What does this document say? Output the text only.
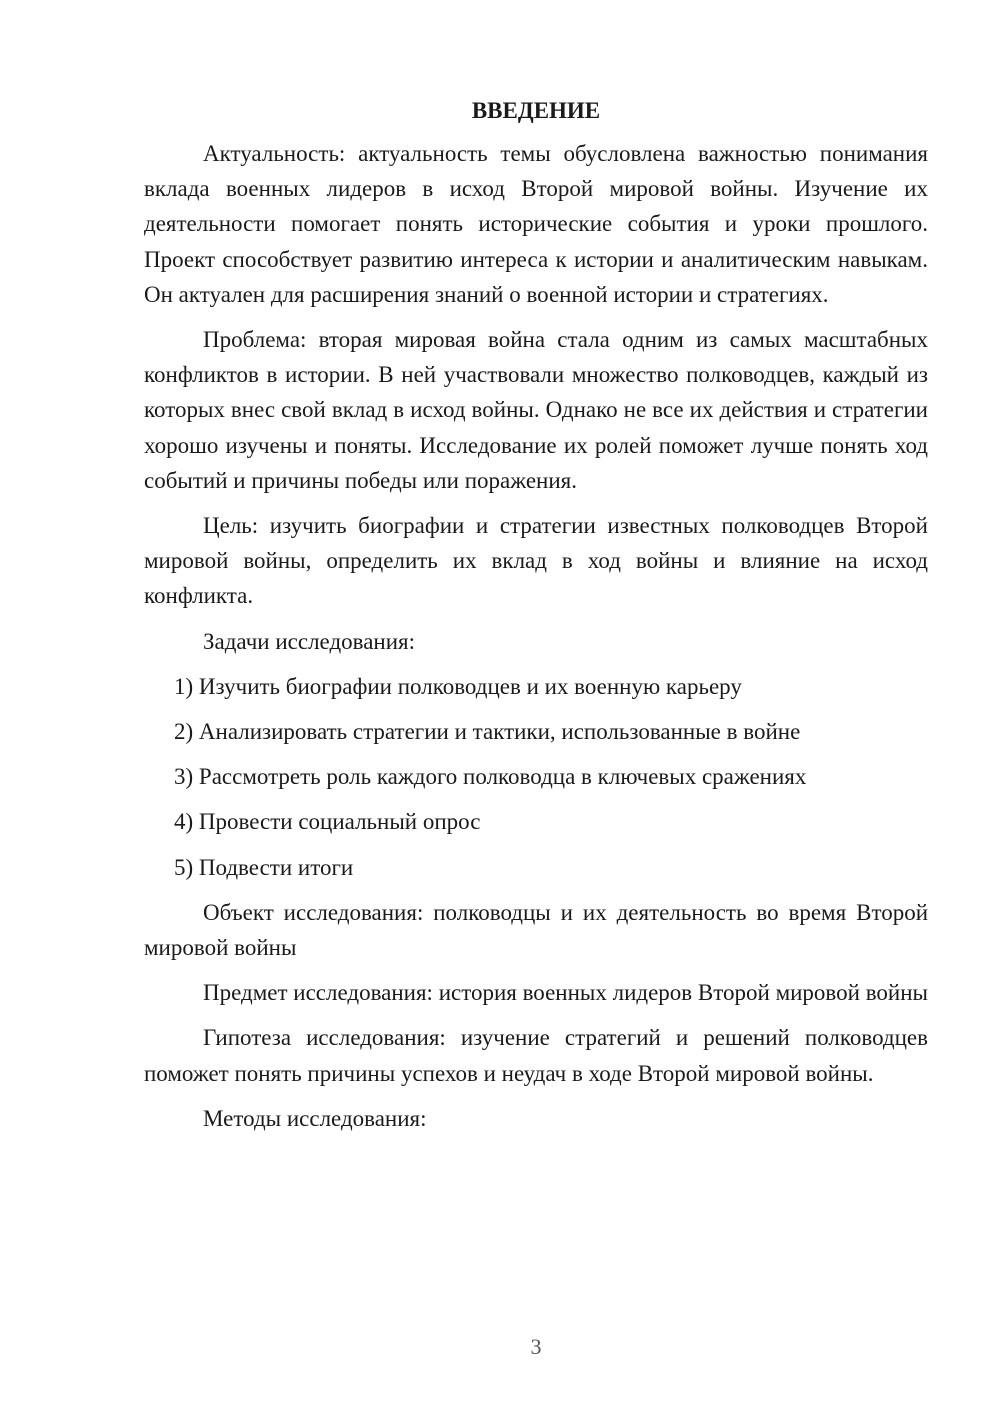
ВВЕДЕНИЕ

Актуальность: актуальность темы обусловлена важностью понимания вклада военных лидеров в исход Второй мировой войны. Изучение их деятельности помогает понять исторические события и уроки прошлого. Проект способствует развитию интереса к истории и аналитическим навыкам. Он актуален для расширения знаний о военной истории и стратегиях.

Проблема: вторая мировая война стала одним из самых масштабных конфликтов в истории. В ней участвовали множество полководцев, каждый из которых внес свой вклад в исход войны. Однако не все их действия и стратегии хорошо изучены и поняты. Исследование их ролей поможет лучше понять ход событий и причины победы или поражения.

Цель: изучить биографии и стратегии известных полководцев Второй мировой войны, определить их вклад в ход войны и влияние на исход конфликта.

Задачи исследования:

1) Изучить биографии полководцев и их военную карьеру

2) Анализировать стратегии и тактики, использованные в войне

3) Рассмотреть роль каждого полководца в ключевых сражениях

4) Провести социальный опрос

5) Подвести итоги

Объект исследования: полководцы и их деятельность во время Второй мировой войны

Предмет исследования: история военных лидеров Второй мировой войны

Гипотеза исследования: изучение стратегий и решений полководцев поможет понять причины успехов и неудач в ходе Второй мировой войны.

Методы исследования:

3
